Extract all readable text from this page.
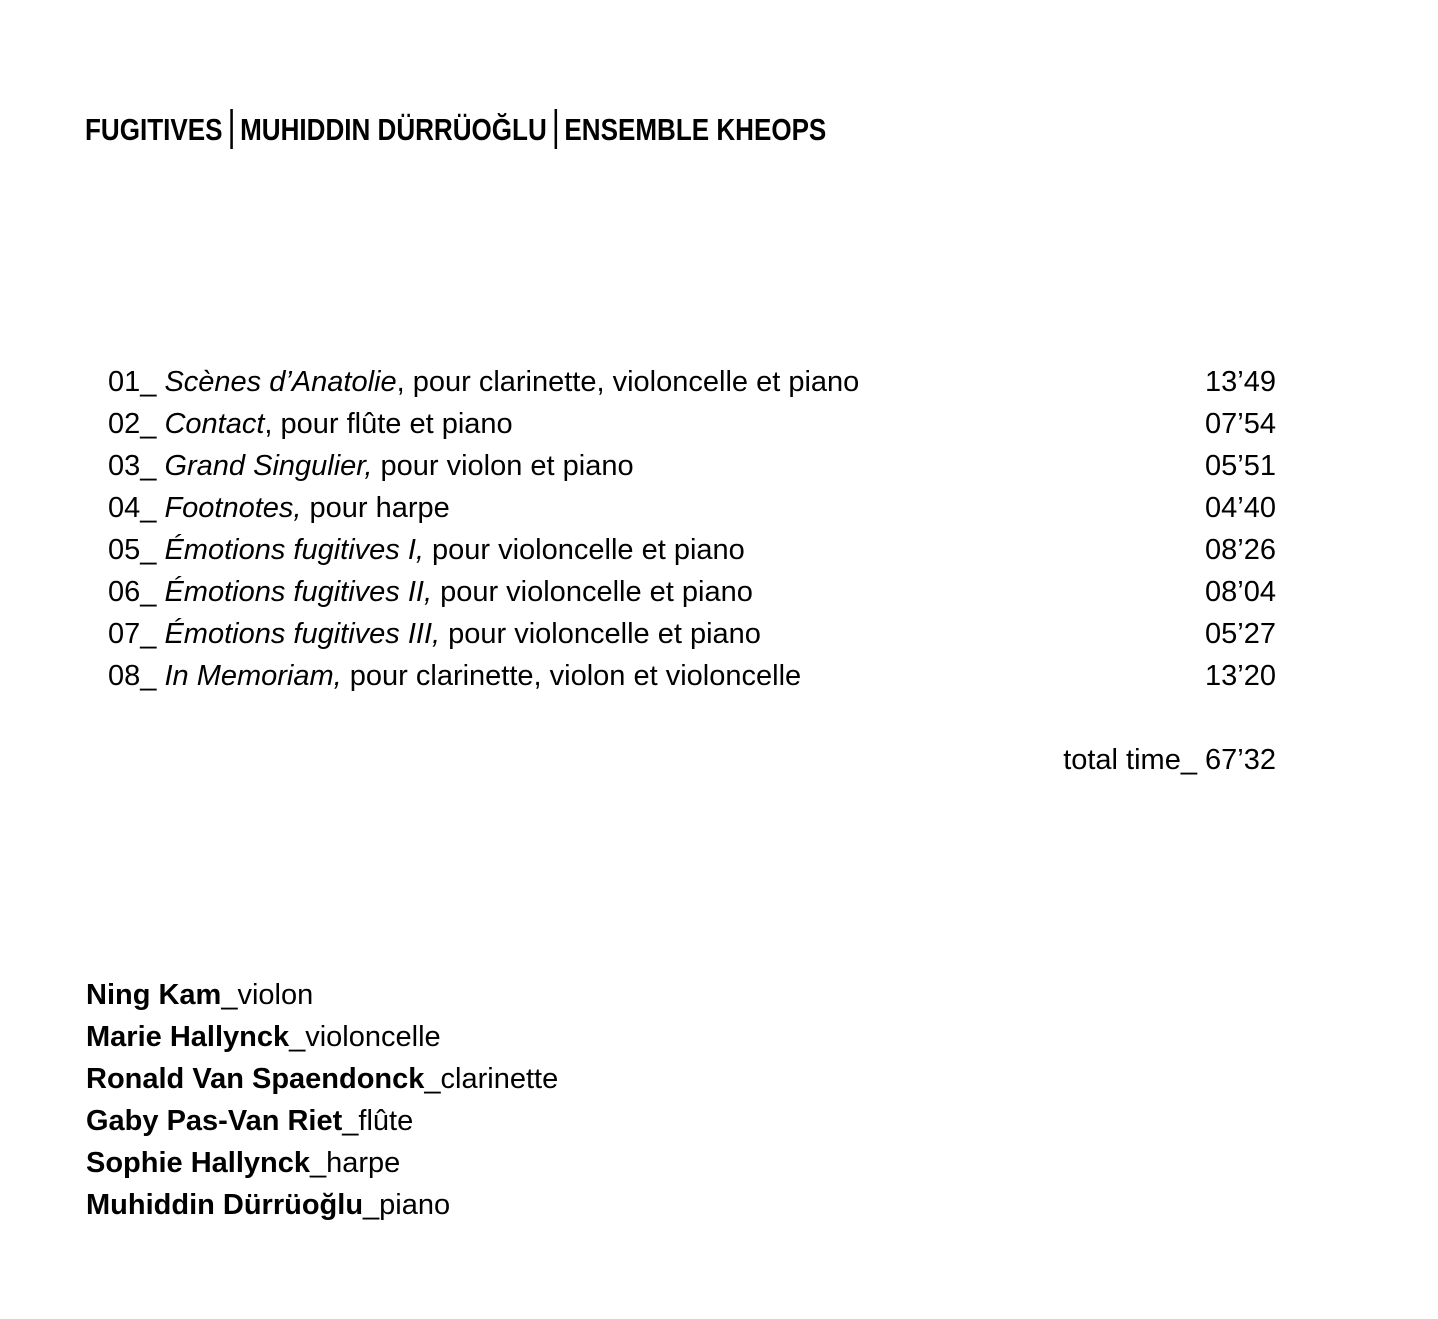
FUGITIVES MUHIDDIN DÜRRÜOĞLU ENSEMBLE KHEOPS
01_ Scènes d’Anatolie, pour clarinette, violoncelle et piano	13’49
02_ Contact, pour flûte et piano	07’54
03_ Grand Singulier, pour violon et piano	05’51
04_ Footnotes, pour harpe	04’40
05_ Émotions fugitives I, pour violoncelle et piano	08’26
06_ Émotions fugitives II, pour violoncelle et piano	08’04
07_ Émotions fugitives III, pour violoncelle et piano	05’27
08_ In Memoriam, pour clarinette, violon et violoncelle	13’20
total time_ 67’32
Ning Kam_violon
Marie Hallynck_violoncelle
Ronald Van Spaendonck_clarinette
Gaby Pas-Van Riet_flûte
Sophie Hallynck_harpe
Muhiddin Dürrüoğlu_piano
